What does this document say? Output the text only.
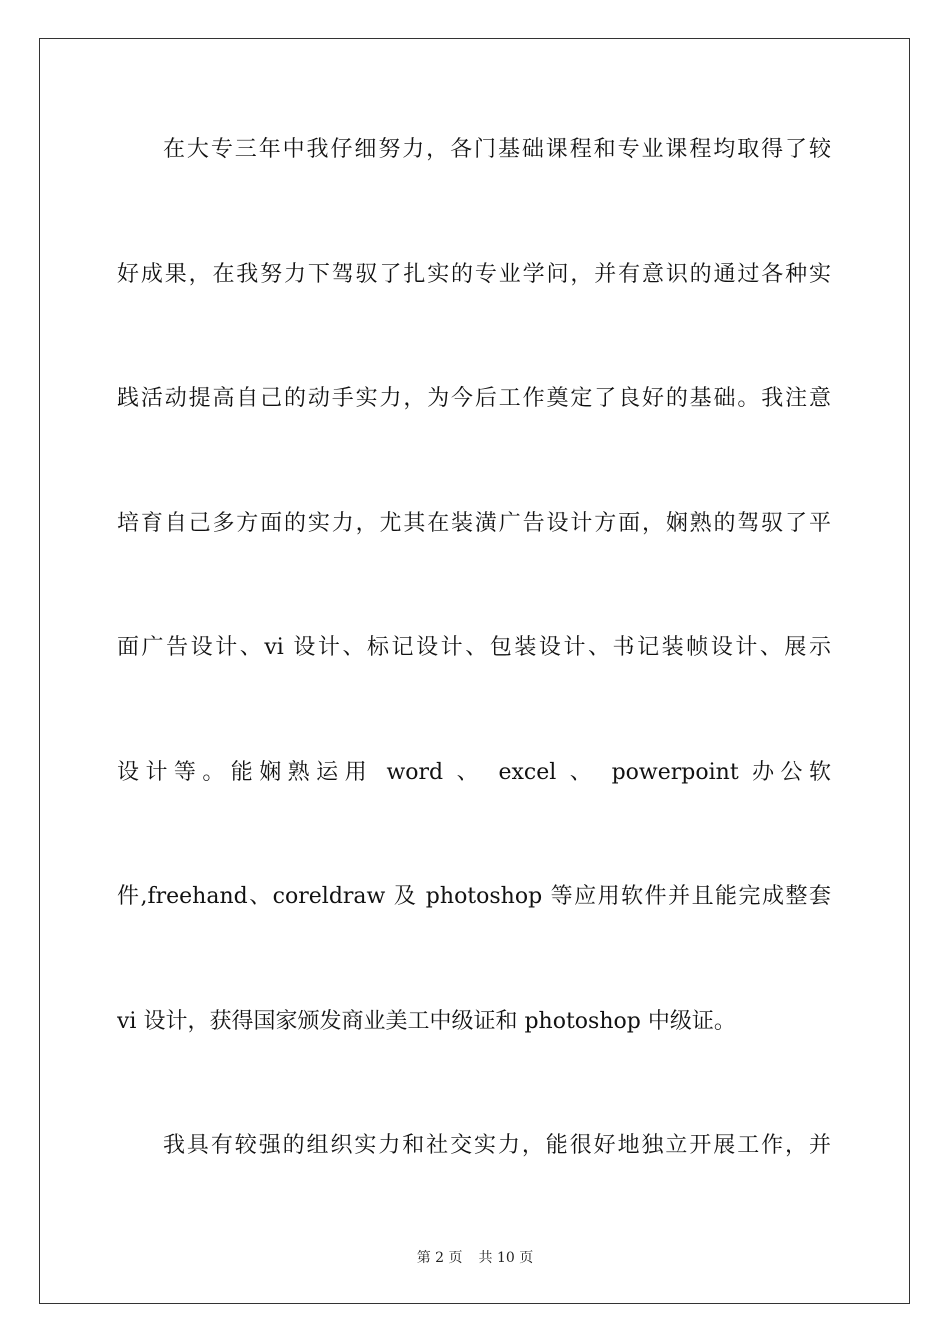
在大专三年中我仔细努力，各门基础课程和专业课程均取得了较
好成果，在我努力下驾驭了扎实的专业学问，并有意识的通过各种实
践活动提高自己的动手实力，为今后工作奠定了良好的基础。我注意
培育自己多方面的实力，尤其在装潢广告设计方面，娴熟的驾驭了平
面广告设计、vi 设计、标记设计、包装设计、书记装帧设计、展示
设计等。能娴熟运用 word 、 excel 、 powerpoint 办公软
件,freehand、coreldraw 及 photoshop 等应用软件并且能完成整套
vi 设计，获得国家颁发商业美工中级证和 photoshop 中级证。
我具有较强的组织实力和社交实力，能很好地独立开展工作，并
第 2 页 共 10 页
